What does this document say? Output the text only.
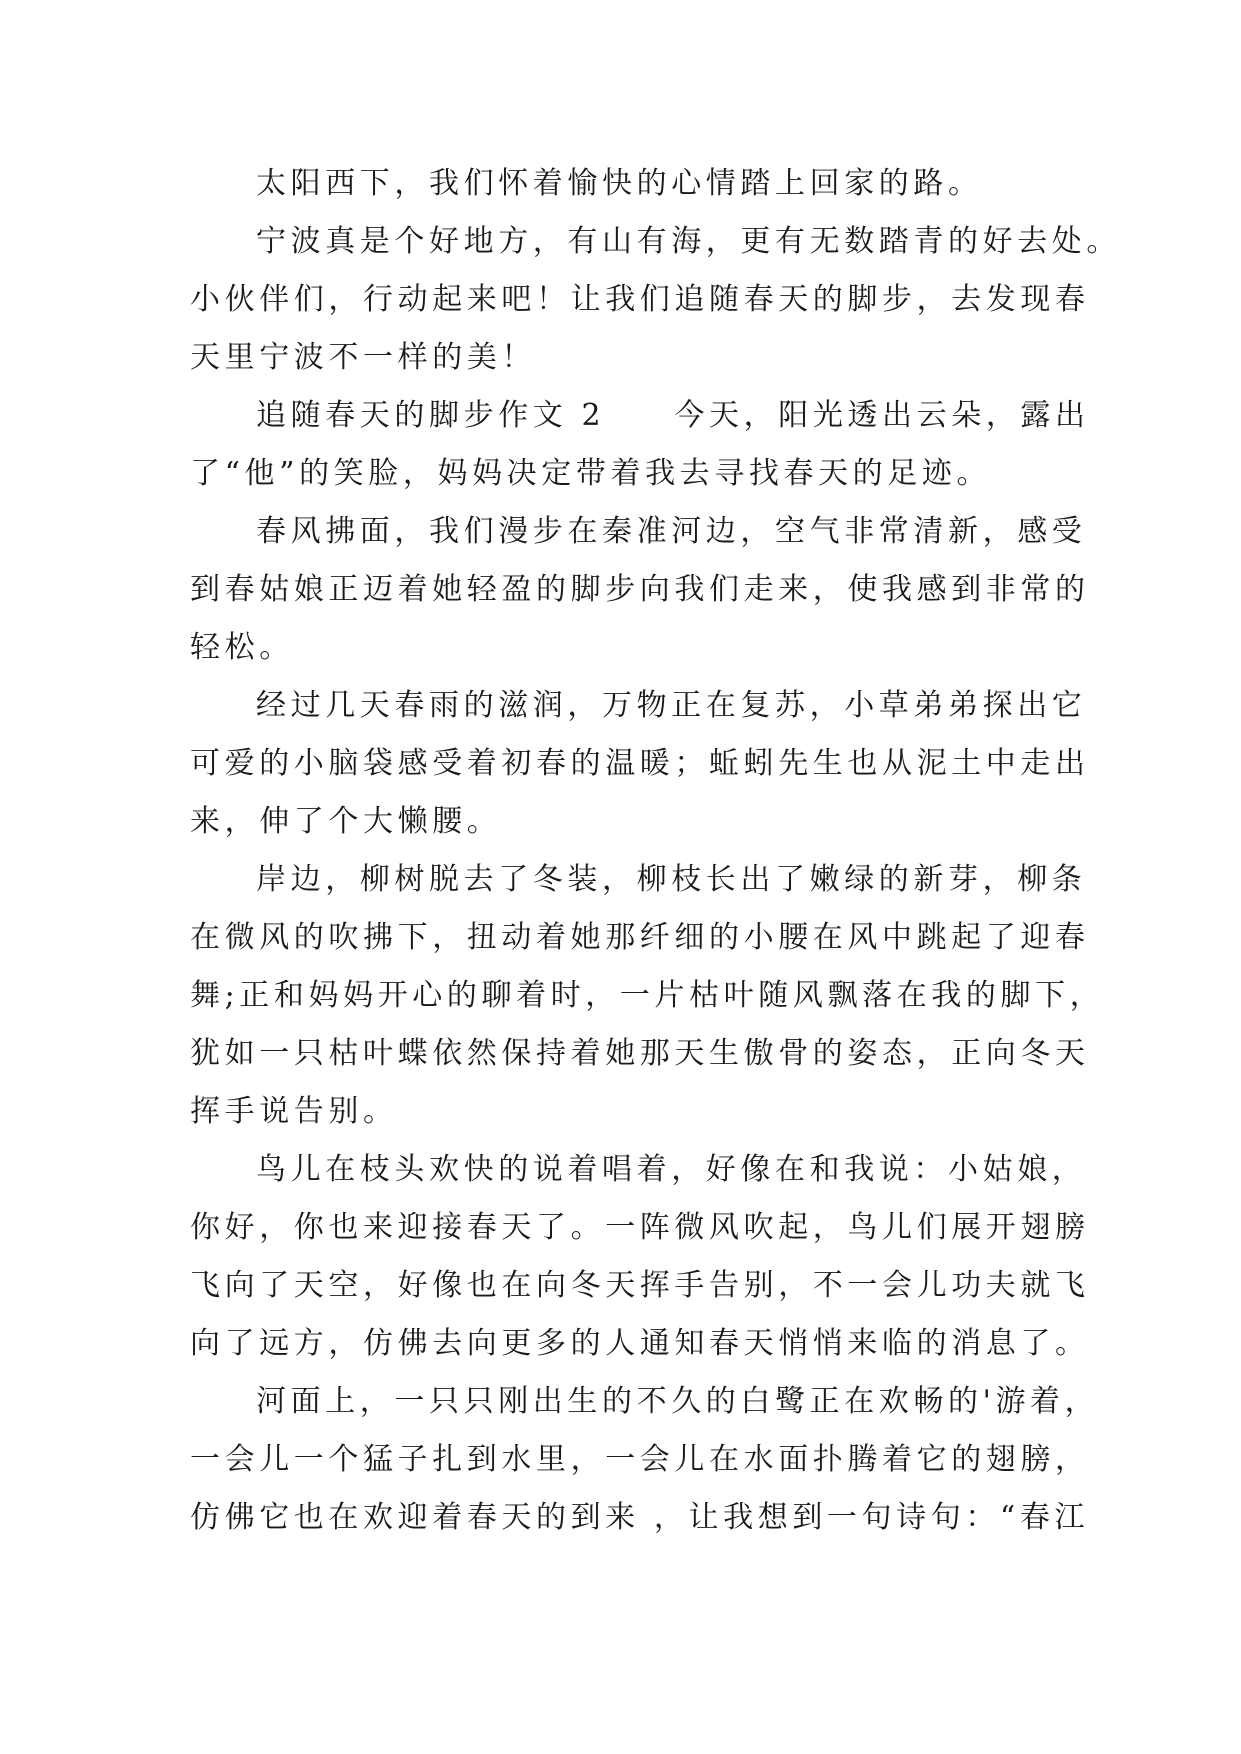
太阳西下，我们怀着愉快的心情踏上回家的路。
宁波真是个好地方，有山有海，更有无数踏青的好去处。
小伙伴们，行动起来吧！让我们追随春天的脚步，去发现春
天里宁波不一样的美！
追随春天的脚步作文 2　　今天，阳光透出云朵，露出
了“他”的笑脸，妈妈决定带着我去寻找春天的足迹。
春风拂面，我们漫步在秦准河边，空气非常清新，感受
到春姑娘正迈着她轻盈的脚步向我们走来，使我感到非常的
轻松。
经过几天春雨的滋润，万物正在复苏，小草弟弟探出它
可爱的小脑袋感受着初春的温暖；蚯蚓先生也从泥土中走出
来，伸了个大懒腰。
岸边，柳树脱去了冬装，柳枝长出了嫩绿的新芽，柳条
在微风的吹拂下，扭动着她那纤细的小腰在风中跳起了迎春
舞;正和妈妈开心的聊着时，一片枯叶随风飘落在我的脚下，
犹如一只枯叶蝶依然保持着她那天生傲骨的姿态，正向冬天
挥手说告别。
鸟儿在枝头欢快的说着唱着，好像在和我说：小姑娘，
你好，你也来迎接春天了。一阵微风吹起，鸟儿们展开翅膀
飞向了天空，好像也在向冬天挥手告别，不一会儿功夫就飞
向了远方，仿佛去向更多的人通知春天悄悄来临的消息了。
河面上，一只只刚出生的不久的白鹭正在欢畅的'游着，
一会儿一个猛子扎到水里，一会儿在水面扑腾着它的翅膀，
仿佛它也在欢迎着春天的到来 ，让我想到一句诗句：“春江
